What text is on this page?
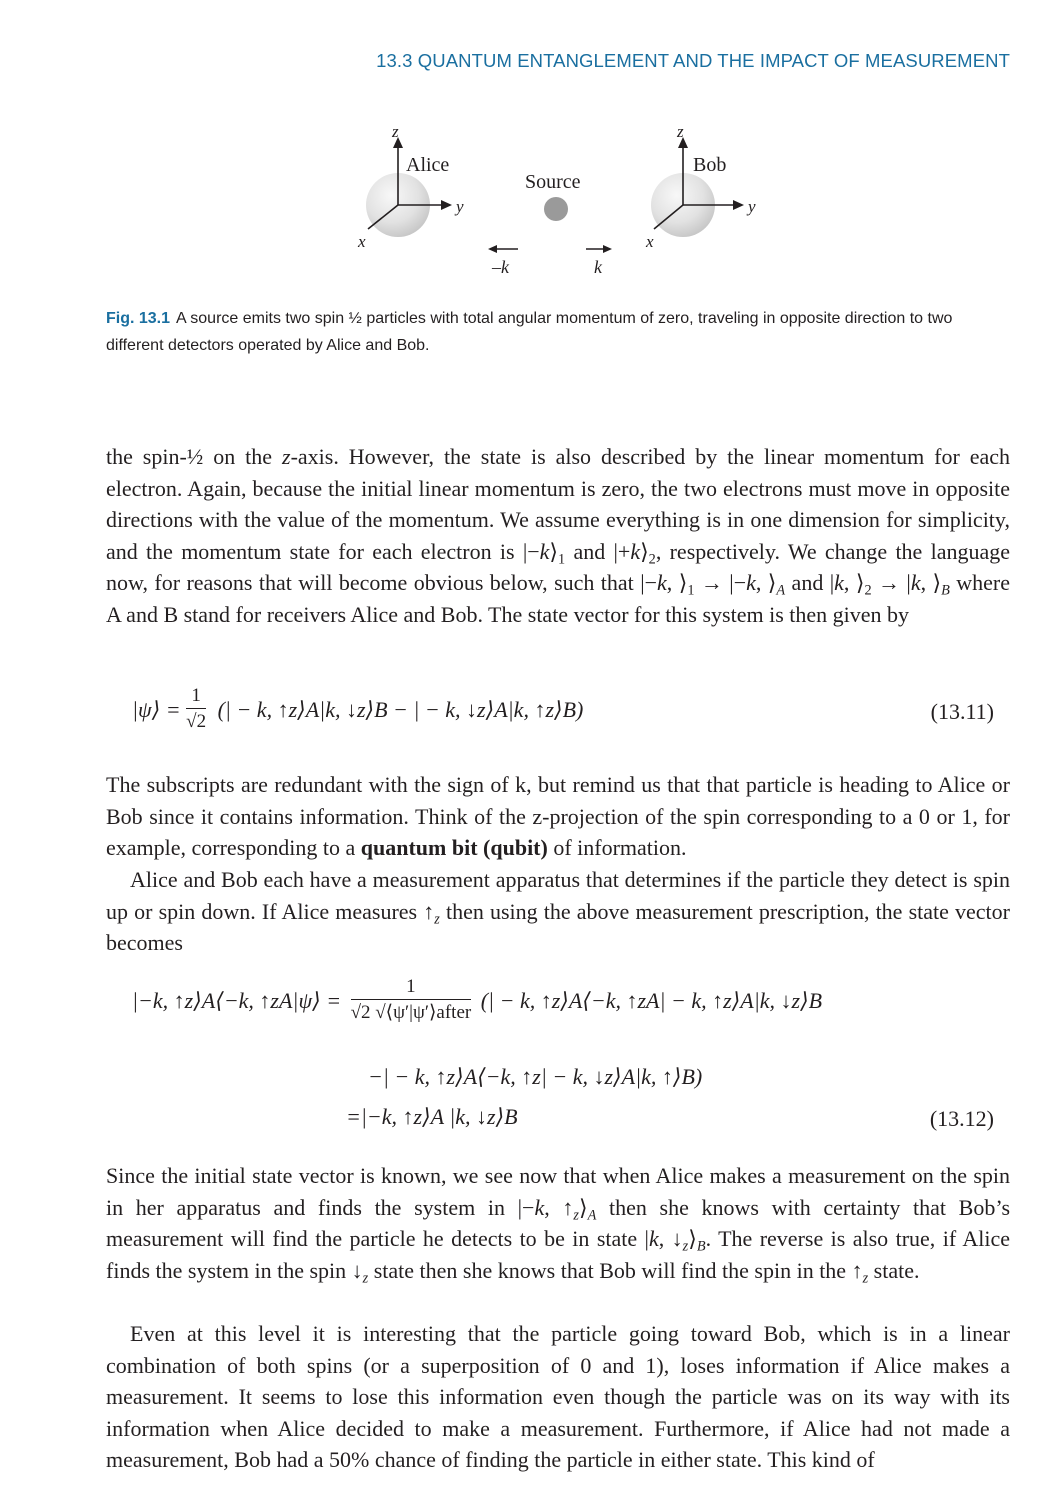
13.3 QUANTUM ENTANGLEMENT AND THE IMPACT OF MEASUREMENT
z
y
x
Alice
Source
–k	k
z
y
x
Bob
Fig. 13.1 A source emits two spin ½ particles with total angular momentum of zero, traveling in opposite direction to two different detectors operated by Alice and Bob.

the spin-½ on the z-axis. However, the state is also described by the linear momentum for each electron. Again, because the initial linear momentum is zero, the two electrons must move in opposite directions with the value of the momentum. We assume everything is in one dimension for simplicity, and the momentum state for each electron is $|-k⟩_1$ and $|+k⟩_2$, respectively. We change the language now, for reasons that will become obvious below, such that |−k, $⟩_1 \to |-k$, $⟩_A$ and |k, $⟩_2 \to |k$, $⟩_B$ where A and B stand for receivers Alice and Bob. The state vector for this system is then given by

|ψ⟩ = $\frac{1}{√2}$ (| − k, ↑z⟩A|k, ↓z⟩B − | − k, ↓z⟩A|k, ↑z⟩B)	(13.11)

The subscripts are redundant with the sign of k, but remind us that that particle is heading to Alice or Bob since it contains information. Think of the z-projection of the spin corresponding to a 0 or 1, for example, corresponding to a quantum bit (qubit) of information.

Alice and Bob each have a measurement apparatus that determines if the particle they detect is spin up or spin down. If Alice measures $↑_z$ then using the above measurement prescription, the state vector becomes

|−k, ↑z⟩A⟨−k, ↑zA|ψ⟩ = $\frac{1}{\text{√2 √⟨ψ′|ψ′⟩after}}$ (| − k, ↑z⟩A⟨−k, ↑zA| − k, ↑z⟩A|k, ↓z⟩B
−| − k, ↑z⟩A⟨−k, ↑z| − k, ↓z⟩A|k, ↑⟩B)
=|−k, ↑z⟩A |k, ↓z⟩B	(13.12)

Since the initial state vector is known, we see now that when Alice makes a measurement on the spin in her apparatus and finds the system in |−k, $↑_z⟩_A$ then she knows with certainty that Bob’s measurement will find the particle he detects to be in state |k, $↓_z⟩_B$. The reverse is also true, if Alice finds the system in the spin $↓_z$ state then she knows that Bob will find the spin in the $↑_z$ state.

Even at this level it is interesting that the particle going toward Bob, which is in a linear combination of both spins (or a superposition of 0 and 1), loses information if Alice makes a measurement. It seems to lose this information even though the particle was on its way with its information when Alice decided to make a measurement. Furthermore, if Alice had not made a measurement, Bob had a 50% chance of finding the particle in either state. This kind of
